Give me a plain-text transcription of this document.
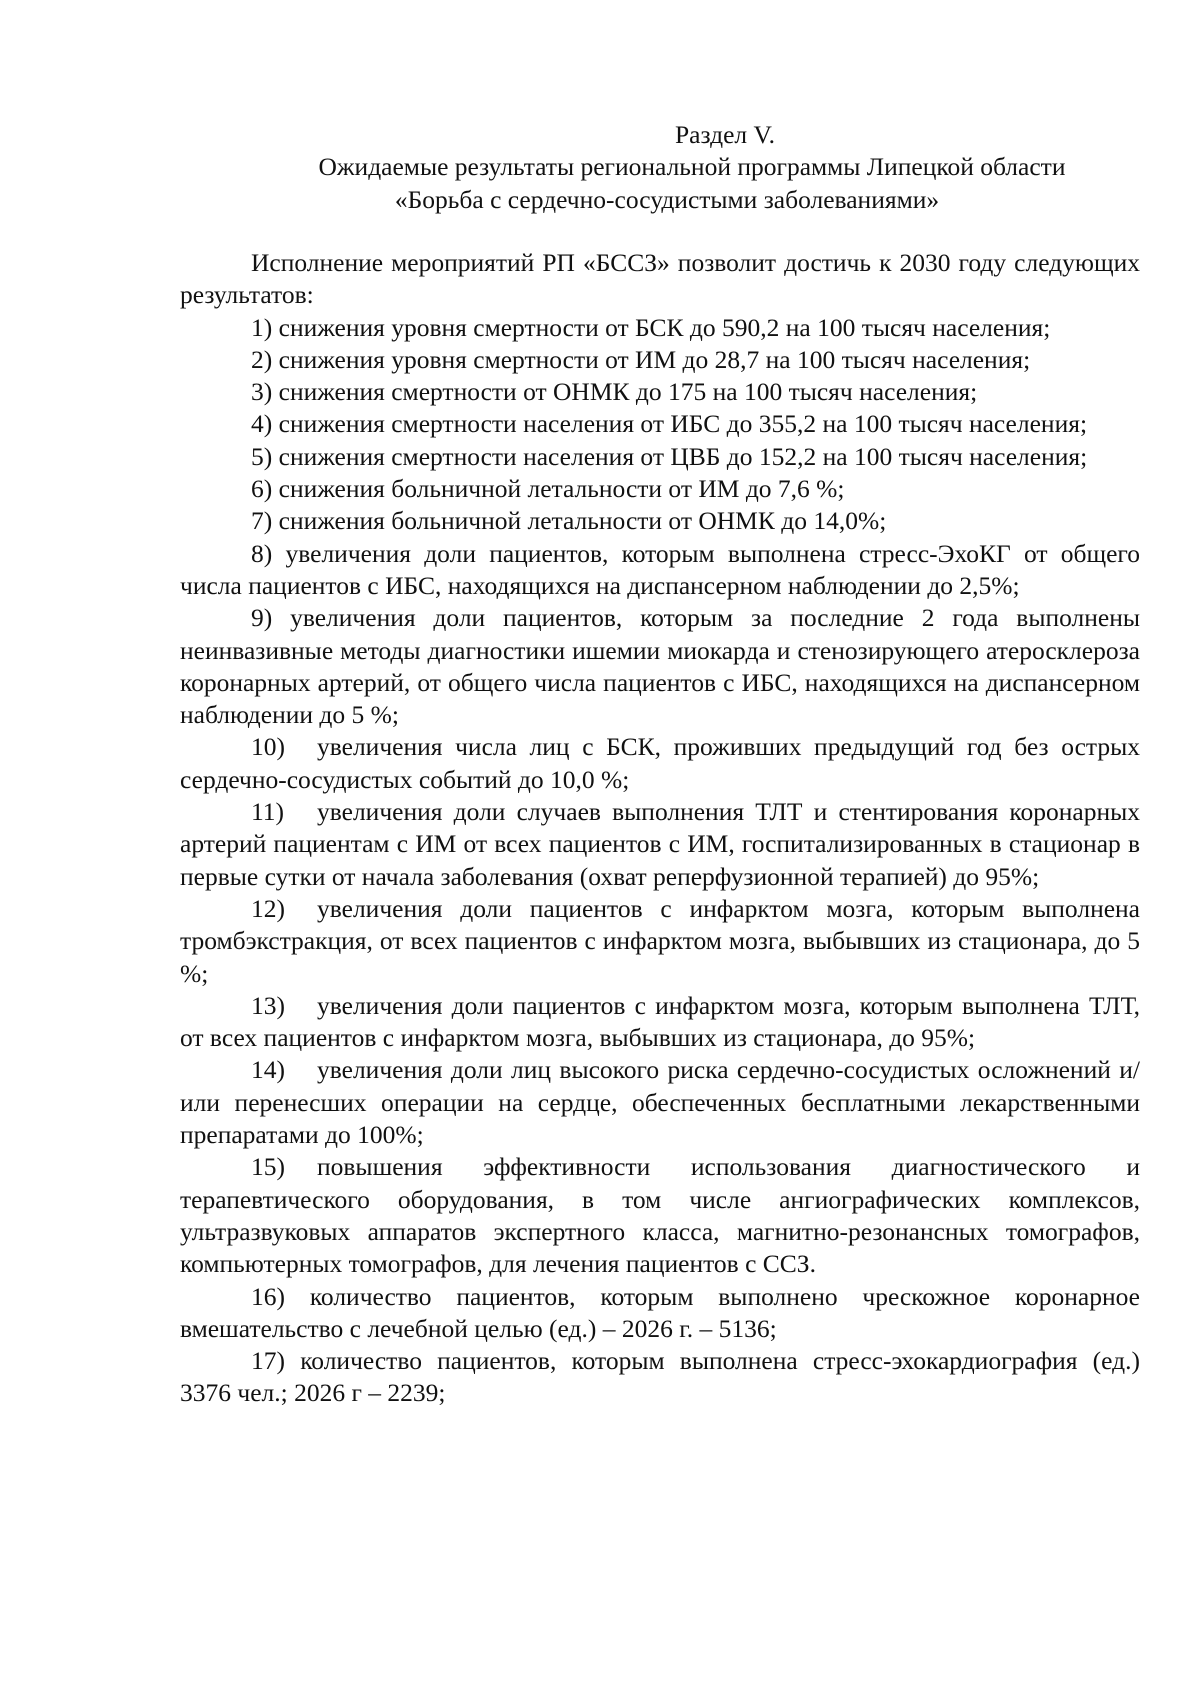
Раздел V.
Ожидаемые результаты региональной программы Липецкой области
«Борьба с сердечно-сосудистыми заболеваниями»

Исполнение мероприятий РП «БССЗ» позволит достичь к 2030 году следующих результатов:

1) снижения уровня смертности от БСК до 590,2 на 100 тысяч населения;

2) снижения уровня смертности от ИМ до 28,7 на 100 тысяч населения;

3) снижения смертности от ОНМК до 175 на 100 тысяч населения;

4) снижения смертности населения от ИБС до 355,2 на 100 тысяч населения;

5) снижения смертности населения от ЦВБ до 152,2 на 100 тысяч населения;

6) снижения больничной летальности от ИМ до 7,6 %;

7) снижения больничной летальности от ОНМК до 14,0%;

8) увеличения доли пациентов, которым выполнена стресс-ЭхоКГ от общего числа пациентов с ИБС, находящихся на диспансерном наблюдении до 2,5%;

9) увеличения доли пациентов, которым за последние 2 года выполнены неинвазивные методы диагностики ишемии миокарда и стенозирующего атеросклероза коронарных артерий, от общего числа пациентов с ИБС, находящихся на диспансерном наблюдении до 5 %;

10) увеличения числа лиц с БСК, проживших предыдущий год без острых сердечно-сосудистых событий до 10,0 %;

11) увеличения доли случаев выполнения ТЛТ и стентирования коронарных артерий пациентам с ИМ от всех пациентов с ИМ, госпитализированных в стационар в первые сутки от начала заболевания (охват реперфузионной терапией) до 95%;

12) увеличения доли пациентов с инфарктом мозга, которым выполнена тромбэкстракция, от всех пациентов с инфарктом мозга, выбывших из стационара, до 5 %;

13) увеличения доли пациентов с инфарктом мозга, которым выполнена ТЛТ, от всех пациентов с инфарктом мозга, выбывших из стационара, до 95%;

14) увеличения доли лиц высокого риска сердечно-сосудистых осложнений и/или перенесших операции на сердце, обеспеченных бесплатными лекарственными препаратами до 100%;

15) повышения эффективности использования диагностического и терапевтического оборудования, в том числе ангиографических комплексов, ультразвуковых аппаратов экспертного класса, магнитно-резонансных томографов, компьютерных томографов, для лечения пациентов с ССЗ.

16) количество пациентов, которым выполнено чрескожное коронарное вмешательство с лечебной целью (ед.) – 2026 г. – 5136;

17) количество пациентов, которым выполнена стресс-эхокардиография (ед.) 3376 чел.; 2026 г – 2239;
